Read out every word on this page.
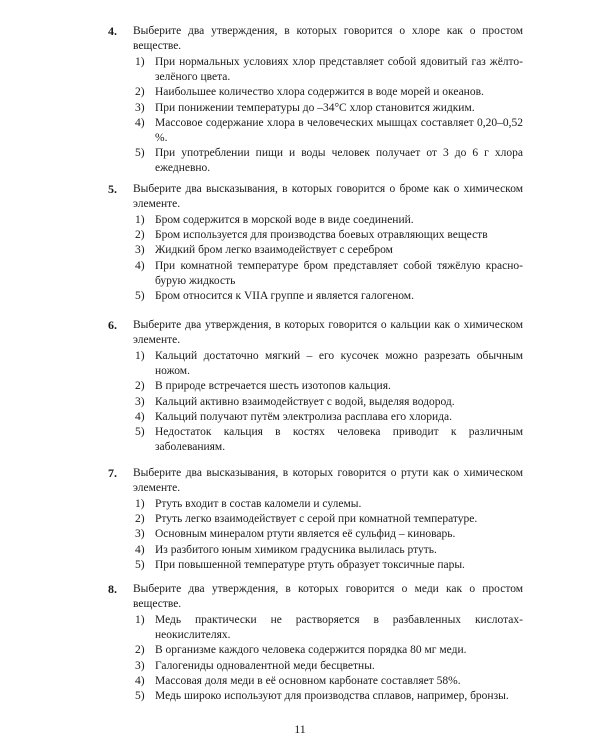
4. Выберите два утверждения, в которых говорится о хлоре как о простом веществе.
1) При нормальных условиях хлор представляет собой ядовитый газ жёлто-зелёного цвета.
2) Наибольшее количество хлора содержится в воде морей и океанов.
3) При понижении температуры до –34°С хлор становится жидким.
4) Массовое содержание хлора в человеческих мышцах составляет 0,20–0,52 %.
5) При употреблении пищи и воды человек получает от 3 до 6 г хлора ежедневно.
5. Выберите два высказывания, в которых говорится о броме как о химическом элементе.
1) Бром содержится в морской воде в виде соединений.
2) Бром используется для производства боевых отравляющих веществ
3) Жидкий бром легко взаимодействует с серебром
4) При комнатной температуре бром представляет собой тяжёлую красно-бурую жидкость
5) Бром относится к VIIA группе и является галогеном.
6. Выберите два утверждения, в которых говорится о кальции как о химическом элементе.
1) Кальций достаточно мягкий – его кусочек можно разрезать обычным ножом.
2) В природе встречается шесть изотопов кальция.
3) Кальций активно взаимодействует с водой, выделяя водород.
4) Кальций получают путём электролиза расплава его хлорида.
5) Недостаток кальция в костях человека приводит к различным заболеваниям.
7. Выберите два высказывания, в которых говорится о ртути как о химическом элементе.
1) Ртуть входит в состав каломели и сулемы.
2) Ртуть легко взаимодействует с серой при комнатной температуре.
3) Основным минералом ртути является её сульфид – киноварь.
4) Из разбитого юным химиком градусника вылилась ртуть.
5) При повышенной температуре ртуть образует токсичные пары.
8. Выберите два утверждения, в которых говорится о меди как о простом веществе.
1) Медь практически не растворяется в разбавленных кислотах-неокислителях.
2) В организме каждого человека содержится порядка 80 мг меди.
3) Галогениды одновалентной меди бесцветны.
4) Массовая доля меди в её основном карбонате составляет 58%.
5) Медь широко используют для производства сплавов, например, бронзы.
11
